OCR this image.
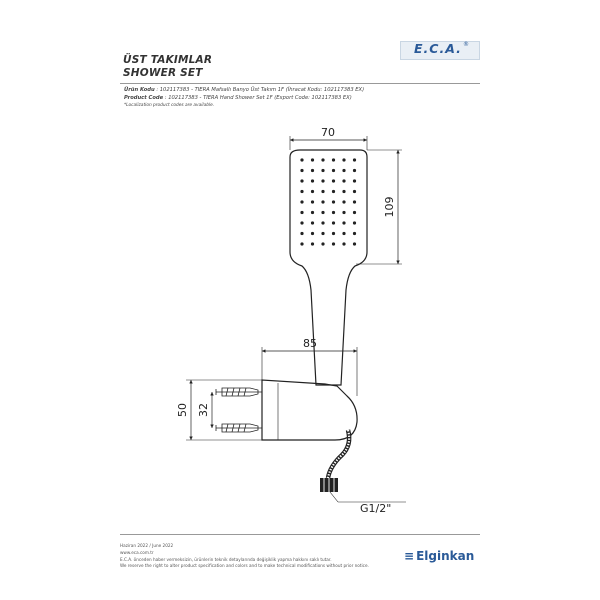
ÜST TAKIMLAR
SHOWER SET
E.C.A. ®
Ürün Kodu : 102117383 - TIERA Mafsallı Banyo Üst Takım 1F (İhracat Kodu: 102117383 EX)
Product Code : 102117383 - TIERA Hand Shower Set 1F (Export Code: 102117383 EX)
*Localization product codes are available.
70
109
85
50 32
G1/2"
Haziran 2022 / June 2022
www.eca.com.tr
E.C.A. önceden haber vermeksizin, ürünlerin teknik detaylarında değişiklik yapma hakkını saklı tutar.
We reserve the right to alter product specification and colors and to make technical modifications without prior notice.
≡ Elginkan
